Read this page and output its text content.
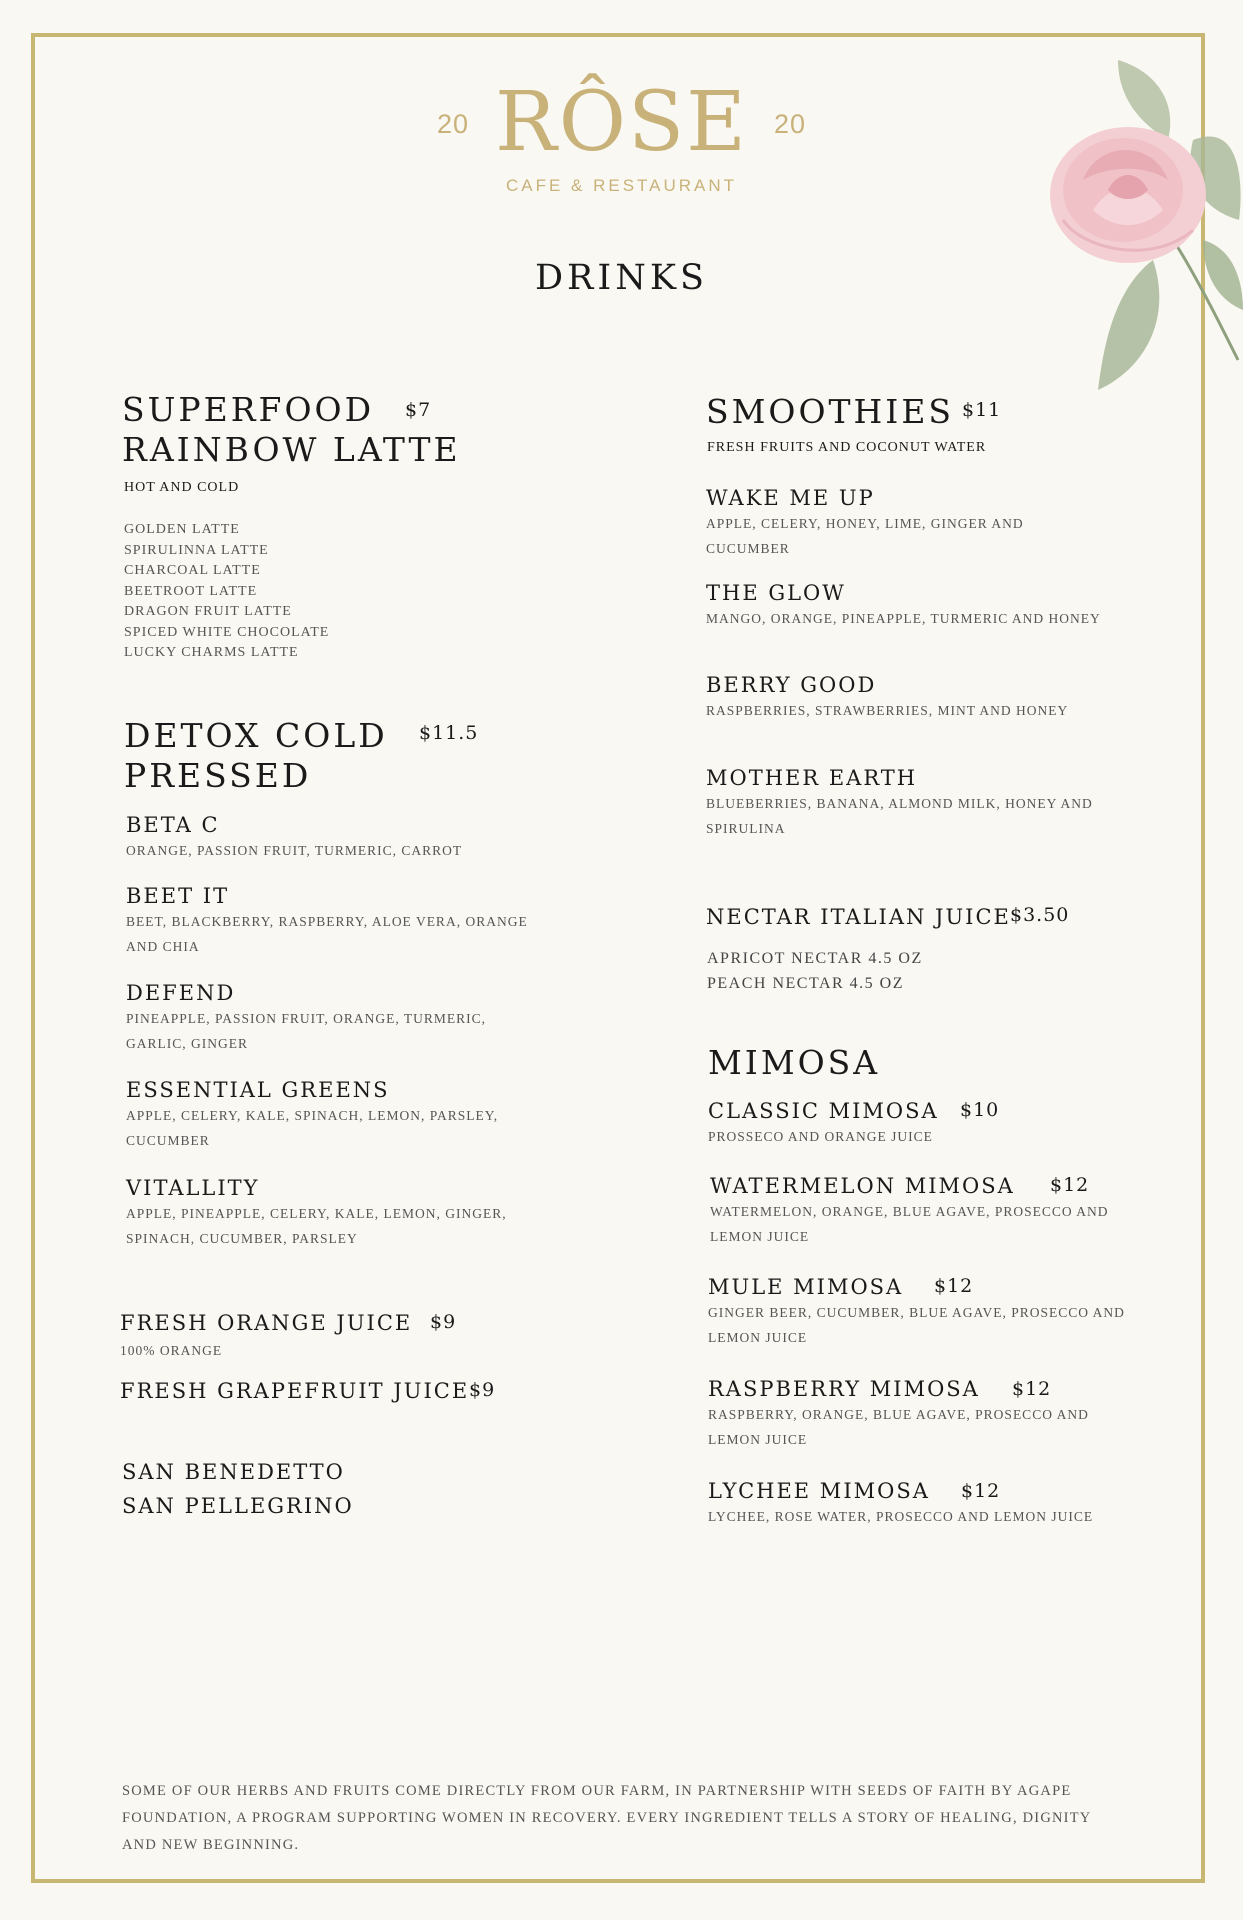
20 RÔSE 20
CAFE & RESTAURANT
DRINKS
SUPERFOOD
RAINBOW LATTE
$7
HOT AND COLD
GOLDEN LATTE
SPIRULINNA LATTE
CHARCOAL LATTE
BEETROOT LATTE
DRAGON FRUIT LATTE
SPICED WHITE CHOCOLATE
LUCKY CHARMS LATTE
DETOX COLD
PRESSED
$11.5
BETA C
ORANGE, PASSION FRUIT, TURMERIC, CARROT
BEET IT
BEET, BLACKBERRY, RASPBERRY, ALOE VERA, ORANGE AND CHIA
DEFEND
PINEAPPLE, PASSION FRUIT, ORANGE, TURMERIC, GARLIC, GINGER
ESSENTIAL GREENS
APPLE, CELERY, KALE, SPINACH, LEMON, PARSLEY, CUCUMBER
VITALLITY
APPLE, PINEAPPLE, CELERY, KALE, LEMON, GINGER, SPINACH, CUCUMBER, PARSLEY
FRESH ORANGE JUICE $9
100% ORANGE
FRESH GRAPEFRUIT JUICE $9
SAN BENEDETTO
SAN PELLEGRINO
SMOOTHIES $11
FRESH FRUITS AND COCONUT WATER
WAKE ME UP
APPLE, CELERY, HONEY, LIME, GINGER AND CUCUMBER
THE GLOW
MANGO, ORANGE, PINEAPPLE, TURMERIC AND HONEY
BERRY GOOD
RASPBERRIES, STRAWBERRIES, MINT AND HONEY
MOTHER EARTH
BLUEBERRIES, BANANA, ALMOND MILK, HONEY AND SPIRULINA
NECTAR ITALIAN JUICE $3.50
APRICOT NECTAR 4.5 OZ
PEACH NECTAR 4.5 OZ
MIMOSA
CLASSIC MIMOSA
PROSSECO AND ORANGE JUICE
$10
WATERMELON MIMOSA
WATERMELON, ORANGE, BLUE AGAVE, PROSECCO AND LEMON JUICE
$12
MULE MIMOSA
GINGER BEER, CUCUMBER, BLUE AGAVE, PROSECCO AND LEMON JUICE
$12
RASPBERRY MIMOSA
RASPBERRY, ORANGE, BLUE AGAVE, PROSECCO AND LEMON JUICE
$12
LYCHEE MIMOSA
LYCHEE, ROSE WATER, PROSECCO AND LEMON JUICE
$12
SOME OF OUR HERBS AND FRUITS COME DIRECTLY FROM OUR FARM, IN PARTNERSHIP WITH SEEDS OF FAITH BY AGAPE FOUNDATION, A PROGRAM SUPPORTING WOMEN IN RECOVERY. EVERY INGREDIENT TELLS A STORY OF HEALING, DIGNITY AND NEW BEGINNING.
